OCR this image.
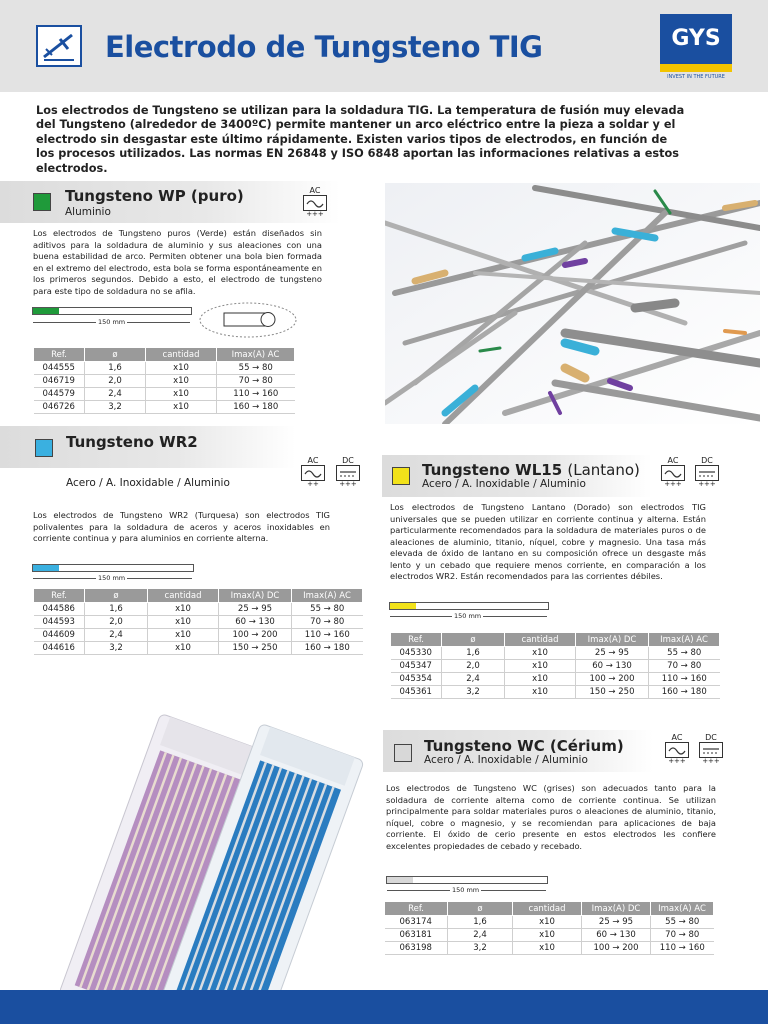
Electrodo de Tungsteno TIG	GYS
INVEST IN THE FUTURE
Los electrodos de Tungsteno se utilizan para la soldadura TIG. La temperatura de fusión muy elevada del Tungsteno (alrededor de 3400ºC) permite mantener un arco eléctrico entre la pieza a soldar y el electrodo sin desgastar este último rápidamente. Existen varios tipos de electrodos, en función de los procesos utilizados. Las normas EN 26848 y ISO 6848 aportan las informaciones relativas a estos electrodos.
Tungsteno WP (puro)
Aluminio
AC
+++
Los electrodos de Tungsteno puros (Verde) están diseñados sin aditivos para la soldadura de aluminio y sus aleaciones con una buena estabilidad de arco. Permiten obtener una bola bien formada en el extremo del electrodo, esta bola se forma espontáneamente en los primeros segundos. Debido a esto, el electrodo de tungsteno para este tipo de soldadura no se afila.
150 mm
Ref.	ø	cantidad	Imax(A) AC
044555	1,6	x10	55 → 80
046719	2,0	x10	70 → 80
044579	2,4	x10	110 → 160
046726	3,2	x10	160 → 180
Tungsteno WR2
Acero / A. Inoxidable / Aluminio
AC
++
DC
+++
Los electrodos de Tungsteno WR2 (Turquesa) son electrodos TIG polivalentes para la soldadura de aceros y aceros inoxidables en corriente continua y para aluminios en corriente alterna.
150 mm
Ref.	ø	cantidad	Imax(A) DC	Imax(A) AC
044586	1,6	x10	25 → 95	55 → 80
044593	2,0	x10	60 → 130	70 → 80
044609	2,4	x10	100 → 200	110 → 160
044616	3,2	x10	150 → 250	160 → 180
Tungsteno WL15 (Lantano)
Acero / A. Inoxidable / Aluminio
AC
+++
DC
+++
Los electrodos de Tungsteno Lantano (Dorado) son electrodos TIG universales que se pueden utilizar en corriente continua y alterna. Están particularmente recomendados para la soldadura de materiales puros o de aleaciones de aluminio, titanio, níquel, cobre y magnesio. Una tasa más elevada de óxido de lantano en su composición ofrece un desgaste más lento y un cebado que requiere menos corriente, en comparación a los electrodos WR2. Están recomendados para las corrientes débiles.
150 mm
Ref.	ø	cantidad	Imax(A) DC	Imax(A) AC
045330	1,6	x10	25 → 95	55 → 80
045347	2,0	x10	60 → 130	70 → 80
045354	2,4	x10	100 → 200	110 → 160
045361	3,2	x10	150 → 250	160 → 180
Tungsteno WC (Cérium)
Acero / A. Inoxidable / Aluminio
AC
+++
DC
+++
Los electrodos de Tungsteno WC (grises) son adecuados tanto para la soldadura de corriente alterna como de corriente continua. Se utilizan principalmente para soldar materiales puros o aleaciones de aluminio, titanio, níquel, cobre o magnesio, y se recomiendan para aplicaciones de baja corriente. El óxido de cerio presente en estos electrodos les confiere excelentes propiedades de cebado y recebado.
150 mm
Ref.	ø	cantidad	Imax(A) DC	Imax(A) AC
063174	1,6	x10	25 → 95	55 → 80
063181	2,4	x10	60 → 130	70 → 80
063198	3,2	x10	100 → 200	110 → 160
